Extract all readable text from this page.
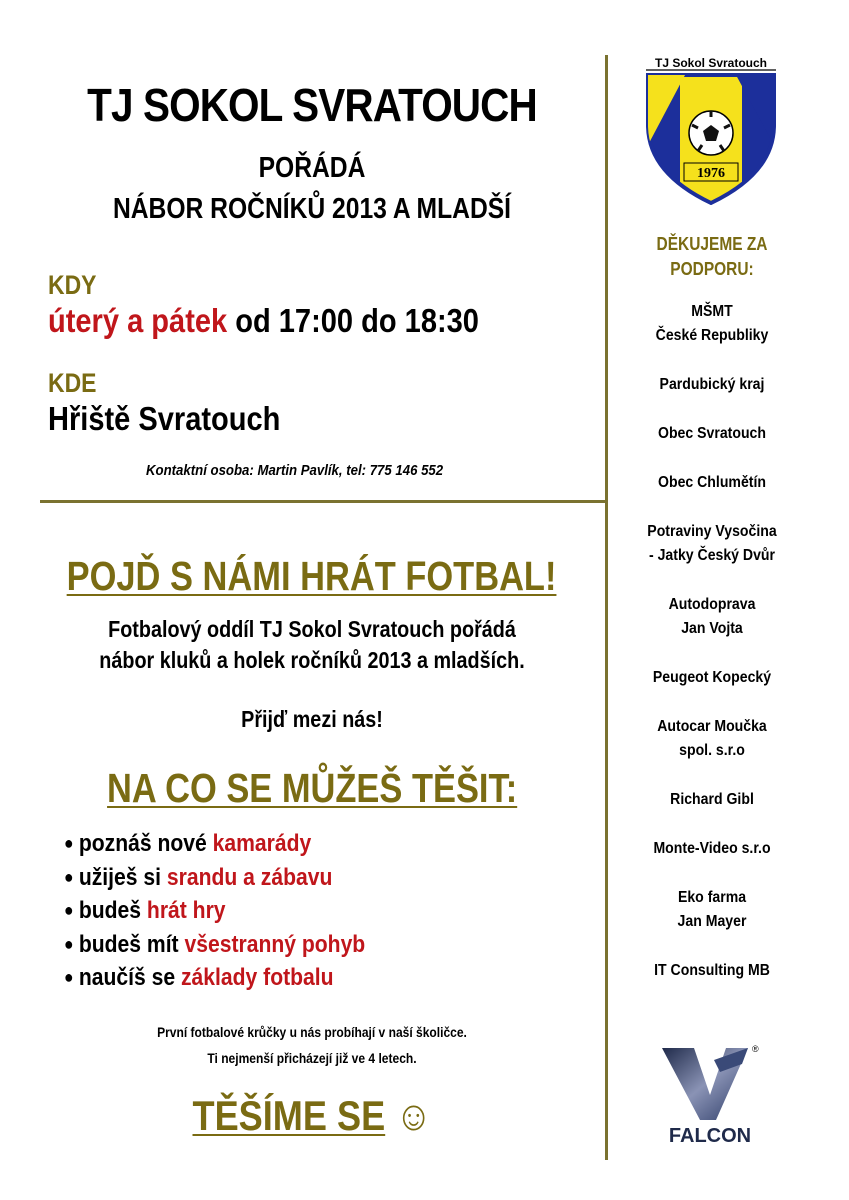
TJ SOKOL SVRATOUCH
POŘÁDÁ
NÁBOR ROČNÍKŮ 2013 A MLADŠÍ
KDY
úterý a pátek od 17:00 do 18:30
KDE
Hřiště Svratouch
Kontaktní osoba: Martin Pavlík, tel: 775 146 552
POJĎ S NÁMI HRÁT FOTBAL!
Fotbalový oddíl TJ Sokol Svratouch pořádá
nábor kluků a holek ročníků 2013 a mladších.
Přijď mezi nás!
NA CO SE MŮŽEŠ TĚŠIT:
● poznáš nové kamarády
● užiješ si srandu a zábavu
● budeš hrát hry
● budeš mít všestranný pohyb
● naučíš se základy fotbalu
První fotbalové krůčky u nás probíhají v naší školičce.
Ti nejmenší přicházejí již ve 4 letech.
TĚŠÍME SE ☺
TJ Sokol Svratouch
1976
DĚKUJEME ZA
PODPORU:
MŠMT
České Republiky
Pardubický kraj
Obec Svratouch
Obec Chlumětín
Potraviny Vysočina
- Jatky Český Dvůr
Autodoprava
Jan Vojta
Peugeot Kopecký
Autocar Moučka
spol. s.r.o
Richard Gibl
Monte-Video s.r.o
Eko farma
Jan Mayer
IT Consulting MB
®
FALCON
